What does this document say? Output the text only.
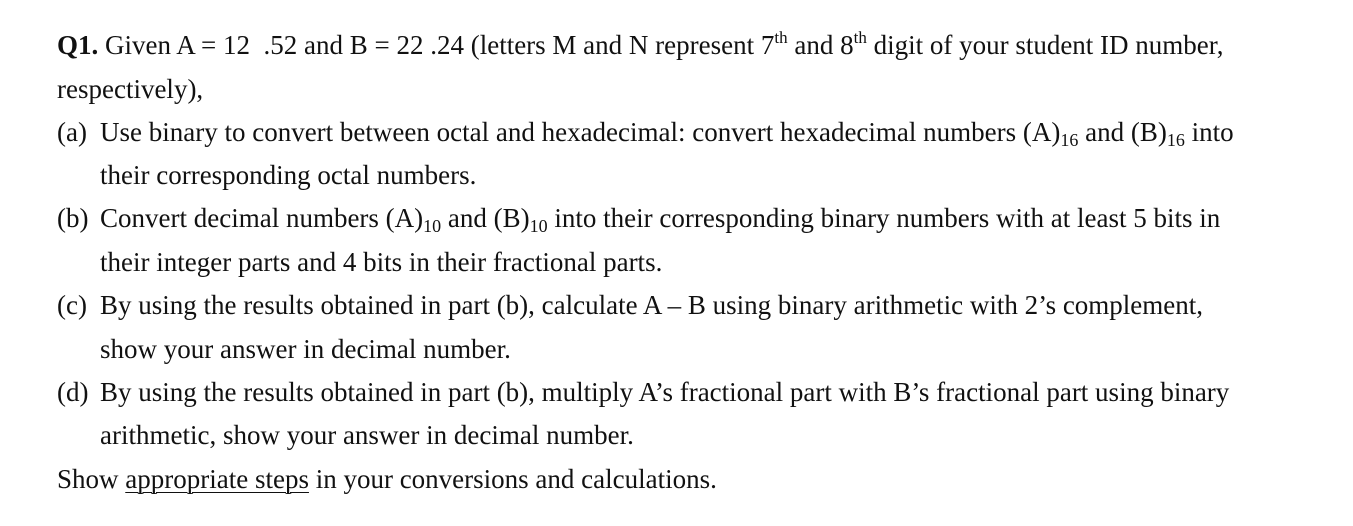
Q1. Given A = 12  .52 and B = 22 .24 (letters M and N represent 7th and 8th digit of your student ID number,
respectively),
(a) Use binary to convert between octal and hexadecimal: convert hexadecimal numbers $(A)_{16}$ and $(B)_{16}$ into
their corresponding octal numbers.
(b) Convert decimal numbers $(A)_{10}$ and $(B)_{10}$ into their corresponding binary numbers with at least 5 bits in
their integer parts and 4 bits in their fractional parts.
(c) By using the results obtained in part (b), calculate A – B using binary arithmetic with 2’s complement,
show your answer in decimal number.
(d) By using the results obtained in part (b), multiply A’s fractional part with B’s fractional part using binary
arithmetic, show your answer in decimal number.
Show appropriate steps in your conversions and calculations.
